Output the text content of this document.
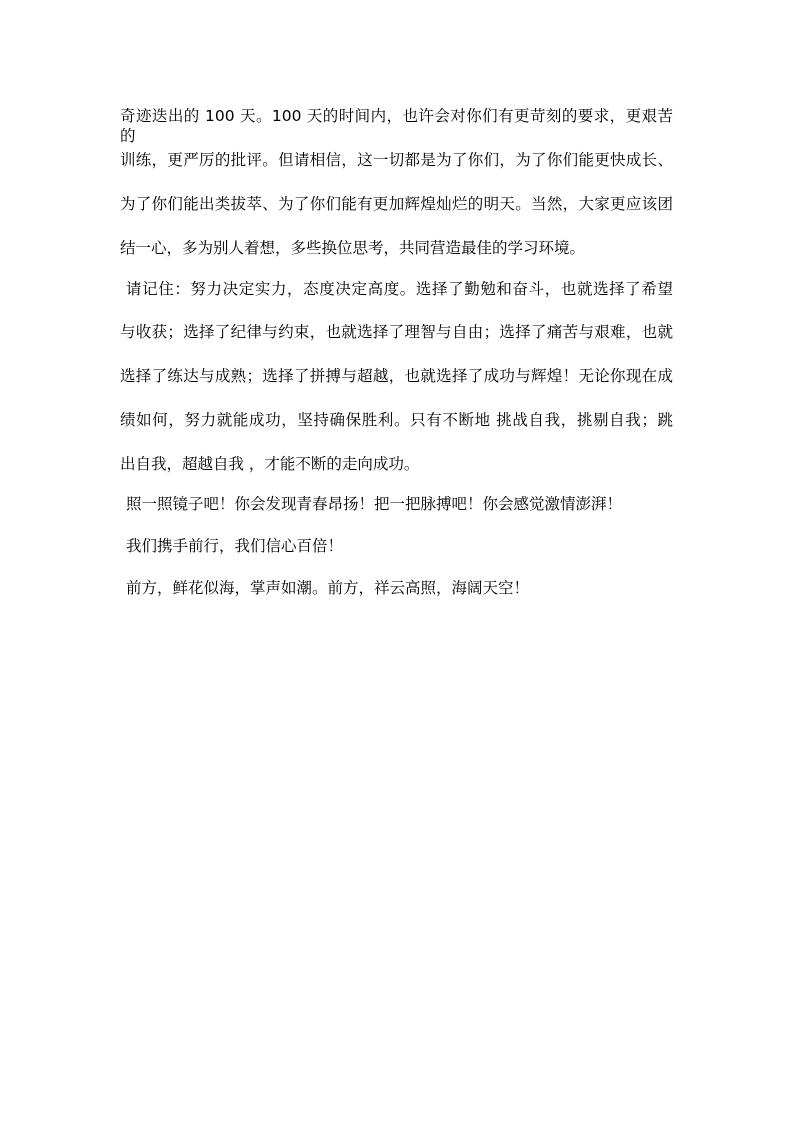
奇迹迭出的 100 天。100 天的时间内，也许会对你们有更苛刻的要求，更艰苦的
训练，更严厉的批评。但请相信，这一切都是为了你们，为了你们能更快成长、
为了你们能出类拔萃、为了你们能有更加辉煌灿烂的明天。当然，大家更应该团
结一心，多为别人着想，多些换位思考，共同营造最佳的学习环境。
请记住：努力决定实力，态度决定高度。选择了勤勉和奋斗，也就选择了希望
与收获；选择了纪律与约束，也就选择了理智与自由；选择了痛苦与艰难，也就
选择了练达与成熟；选择了拼搏与超越，也就选择了成功与辉煌！无论你现在成
绩如何，努力就能成功，坚持确保胜利。只有不断地 挑战自我，挑剔自我；跳
出自我，超越自我 ，才能不断的走向成功。
照一照镜子吧！你会发现青春昂扬！把一把脉搏吧！你会感觉激情澎湃！
我们携手前行，我们信心百倍！
前方，鲜花似海，掌声如潮。前方，祥云高照，海阔天空！
